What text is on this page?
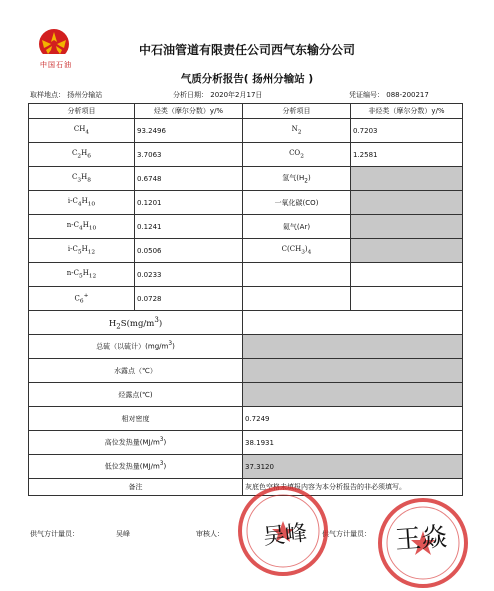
中国石油
中石油管道有限责任公司西气东输分公司
气质分析报告( 扬州分输站 )
取样地点： 扬州分输站	分析日期： 2020年2月17日	凭证编号： 088-200217
分析项目	烃类（摩尔分数）y/%	分析项目	非烃类（摩尔分数）y/%
$CH_4$	93.2496	$N_2$	0.7203
$C_2H_6$	3.7063	$CO_2$	1.2581
$C_3H_8$	0.6748	氢气$(H_2)$	
$i-C_4H_{10}$	0.1201	一氧化碳(CO)	
$n-C_4H_{10}$	0.1241	氦气(Ar)	
$i-C_5H_{12}$	0.0506	$C(CH_3)_4$	
$n-C_5H_{12}$	0.0233		
$C_6^+$	0.0728		
$H_2S(mg/m^3)$			
总硫（以硫计）$(mg/m^3)$			
水露点（℃）			
烃露点(℃)			
相对密度		0.7249	
高位发热量$(MJ/m^3)$		38.1931	
低位发热量$(MJ/m^3)$		37.3120	
备注		灰底色空格未填报内容为本分析报告的非必须填写。	
供气方计量员：	吴峰	审核人：	供气方计量员：
吴峰	王焱
